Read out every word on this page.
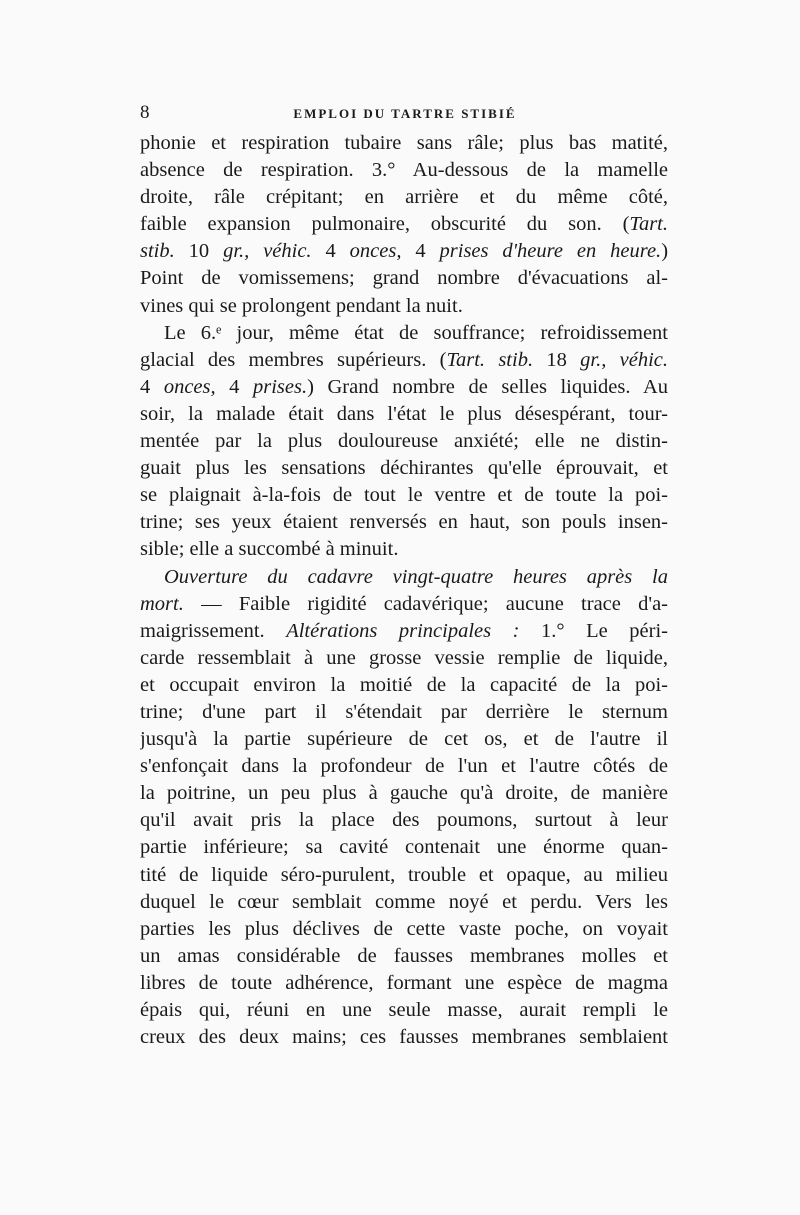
8	EMPLOI DU TARTRE STIBIÉ
phonie et respiration tubaire sans râle; plus bas matité,
absence de respiration. 3.° Au-dessous de la mamelle
droite, râle crépitant; en arrière et du même côté,
faible expansion pulmonaire, obscurité du son. (Tart.
stib. 10 gr., véhic. 4 onces, 4 prises d'heure en heure.)
Point de vomissemens; grand nombre d'évacuations al-
vines qui se prolongent pendant la nuit.
Le 6.ᵉ jour, même état de souffrance; refroidissement
glacial des membres supérieurs. (Tart. stib. 18 gr., véhic.
4 onces, 4 prises.) Grand nombre de selles liquides. Au
soir, la malade était dans l'état le plus désespérant, tour-
mentée par la plus douloureuse anxiété; elle ne distin-
guait plus les sensations déchirantes qu'elle éprouvait, et
se plaignait à-la-fois de tout le ventre et de toute la poi-
trine; ses yeux étaient renversés en haut, son pouls insen-
sible; elle a succombé à minuit.
Ouverture du cadavre vingt-quatre heures après la
mort. — Faible rigidité cadavérique; aucune trace d'a-
maigrissement. Altérations principales : 1.° Le péri-
carde ressemblait à une grosse vessie remplie de liquide,
et occupait environ la moitié de la capacité de la poi-
trine; d'une part il s'étendait par derrière le sternum
jusqu'à la partie supérieure de cet os, et de l'autre il
s'enfonçait dans la profondeur de l'un et l'autre côtés de
la poitrine, un peu plus à gauche qu'à droite, de manière
qu'il avait pris la place des poumons, surtout à leur
partie inférieure; sa cavité contenait une énorme quan-
tité de liquide séro-purulent, trouble et opaque, au milieu
duquel le cœur semblait comme noyé et perdu. Vers les
parties les plus déclives de cette vaste poche, on voyait
un amas considérable de fausses membranes molles et
libres de toute adhérence, formant une espèce de magma
épais qui, réuni en une seule masse, aurait rempli le
creux des deux mains; ces fausses membranes semblaient
